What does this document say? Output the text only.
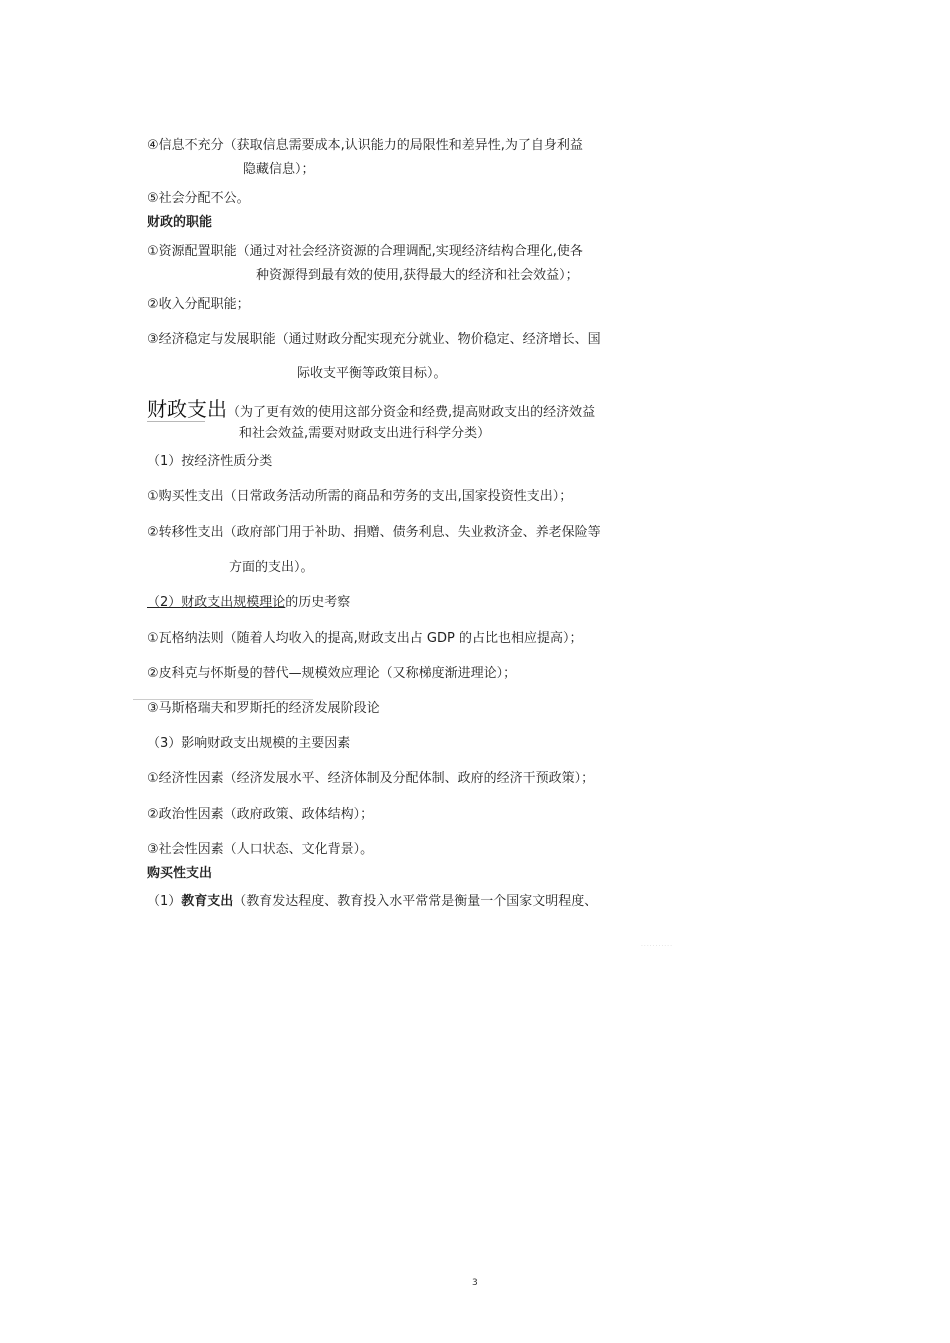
④信息不充分（获取信息需要成本,认识能力的局限性和差异性,为了自身利益
隐藏信息）；
⑤社会分配不公。
财政的职能
①资源配置职能（通过对社会经济资源的合理调配,实现经济结构合理化,使各
种资源得到最有效的使用,获得最大的经济和社会效益）；
②收入分配职能；
③经济稳定与发展职能（通过财政分配实现充分就业、物价稳定、经济增长、国
际收支平衡等政策目标）。
财政支出（为了更有效的使用这部分资金和经费,提高财政支出的经济效益
和社会效益,需要对财政支出进行科学分类）
（1）按经济性质分类
①购买性支出（日常政务活动所需的商品和劳务的支出,国家投资性支出）；
②转移性支出（政府部门用于补助、捐赠、债务利息、失业救济金、养老保险等
方面的支出）。
（2）财政支出规模理论的历史考察
①瓦格纳法则（随着人均收入的提高,财政支出占 GDP 的占比也相应提高）；
②皮科克与怀斯曼的替代—规模效应理论（又称梯度渐进理论）；
③马斯格瑞夫和罗斯托的经济发展阶段论
（3）影响财政支出规模的主要因素
①经济性因素（经济发展水平、经济体制及分配体制、政府的经济干预政策）；
②政治性因素（政府政策、政体结构）；
③社会性因素（人口状态、文化背景）。
购买性支出
（1）教育支出（教育发达程度、教育投入水平常常是衡量一个国家文明程度、
···········
3
